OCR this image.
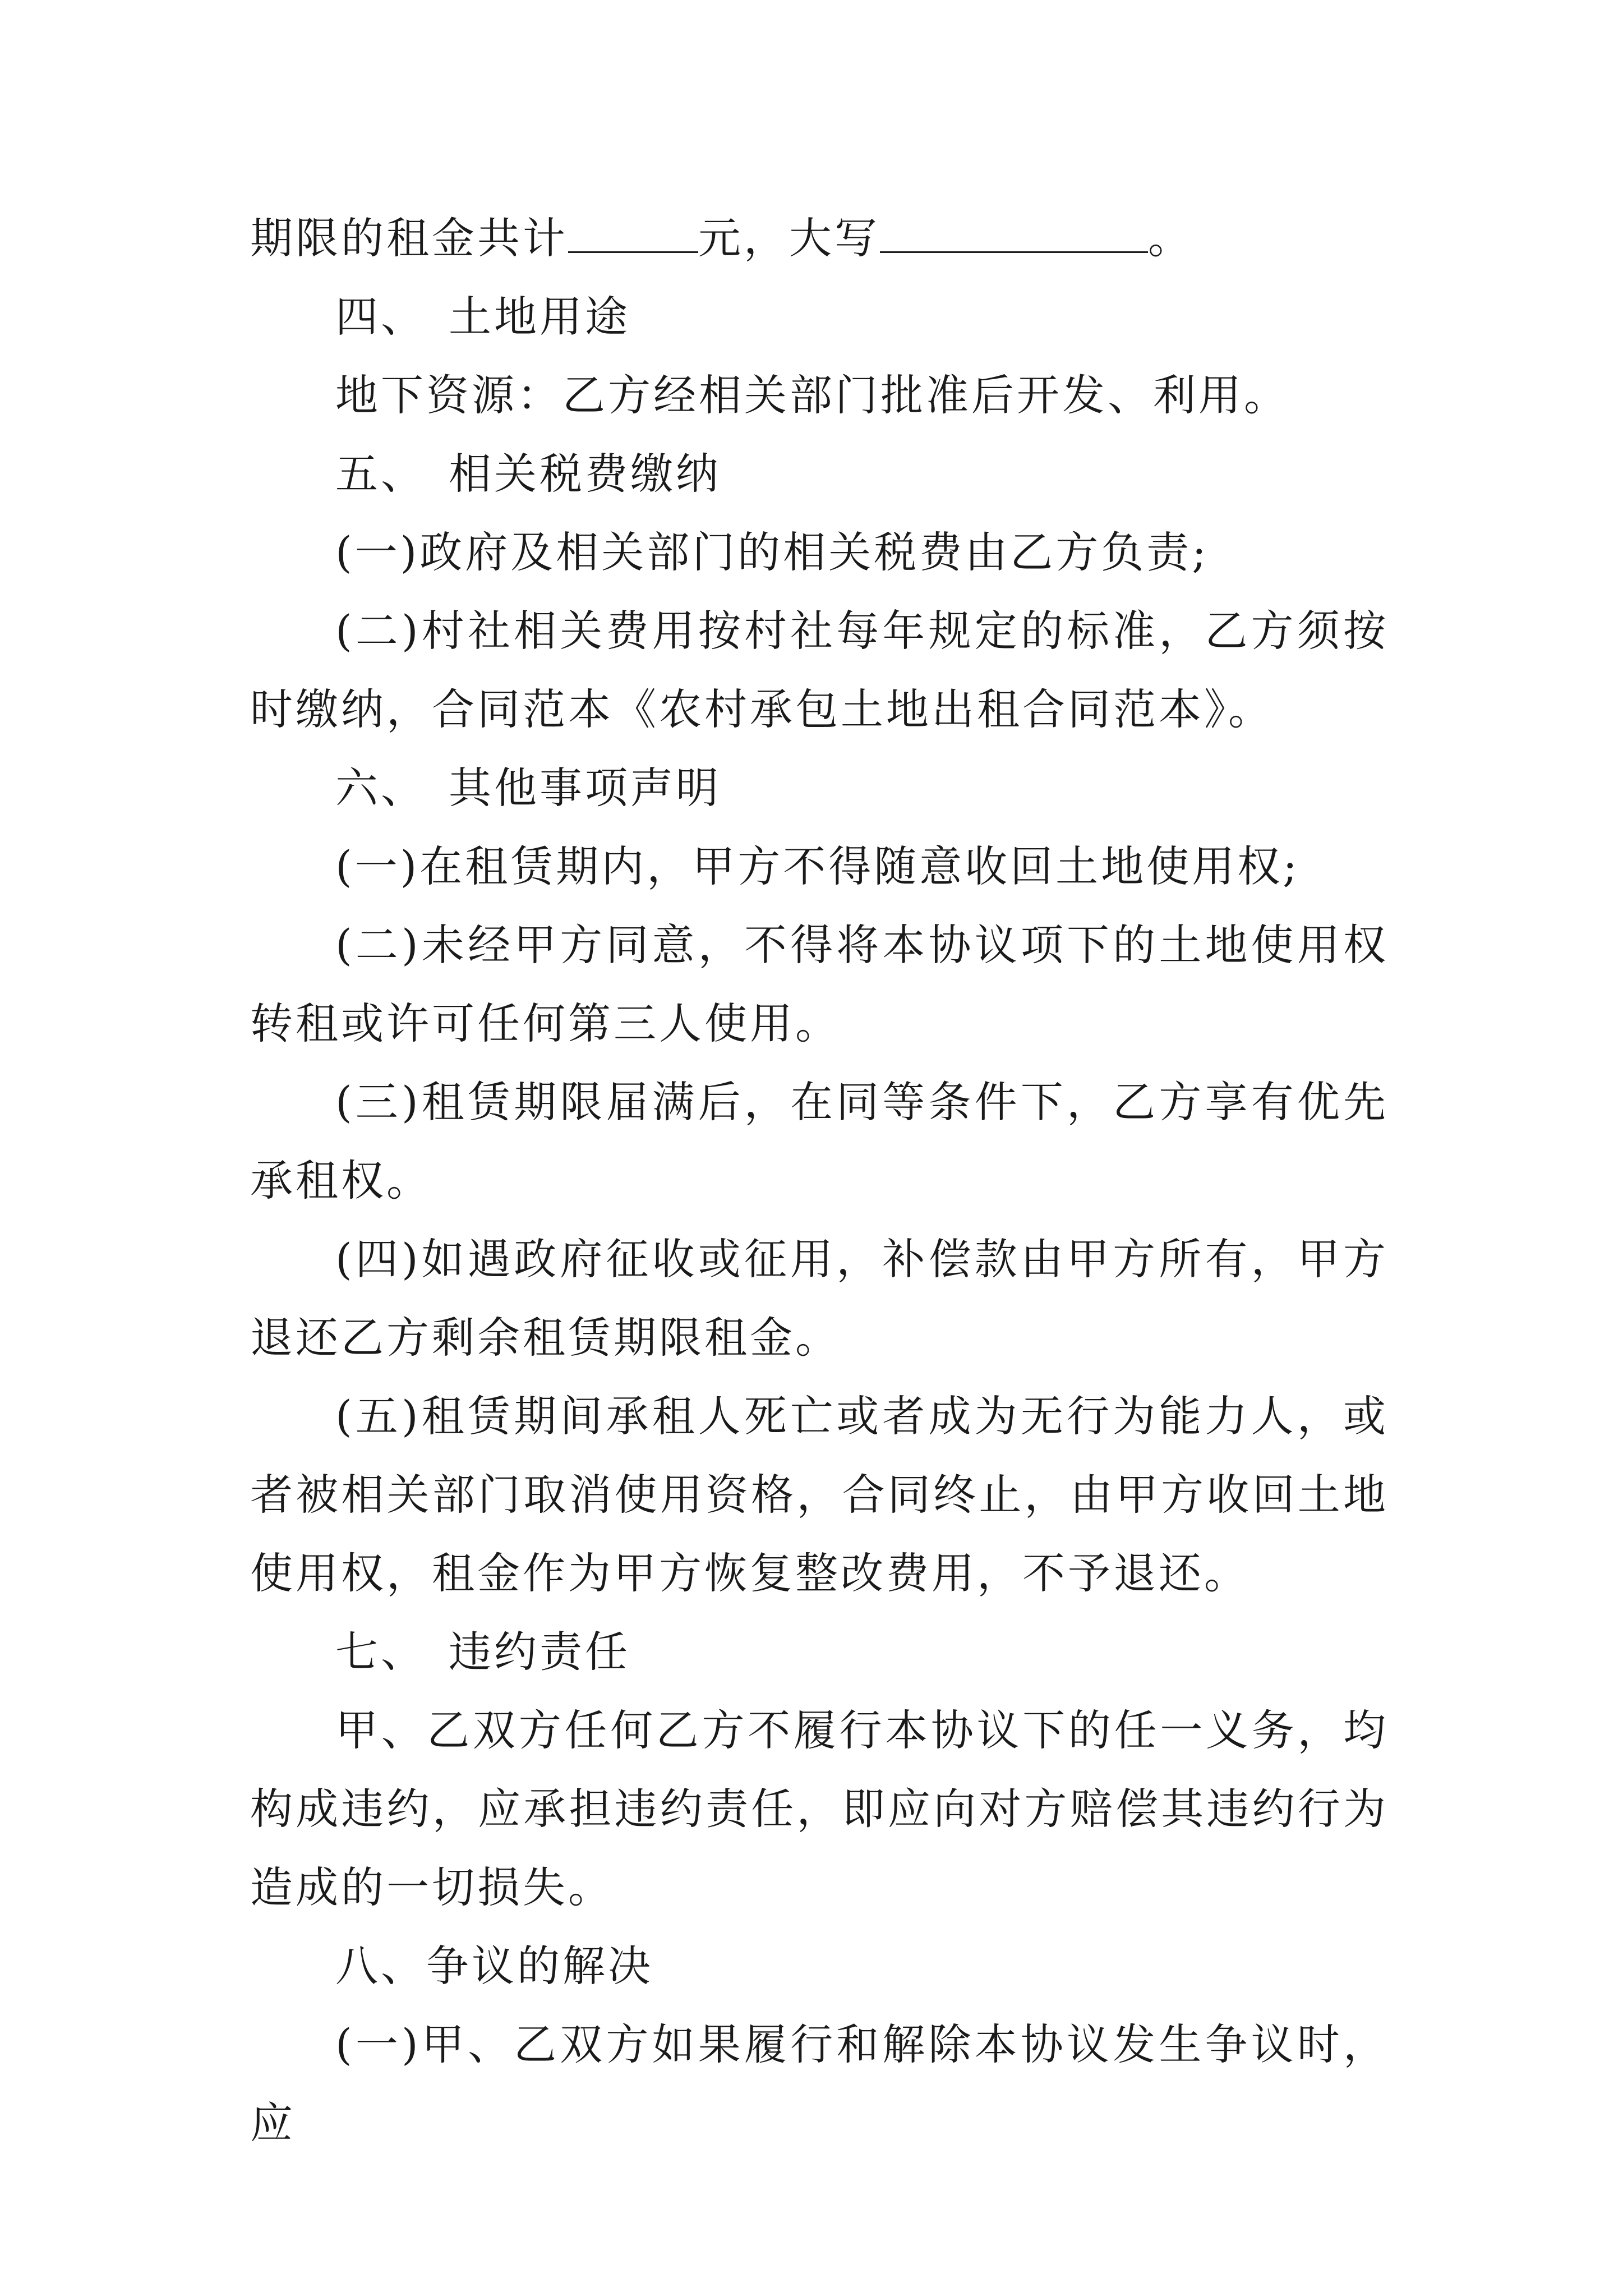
期限的租金共计	元，大写	。

四、 土地用途

地下资源：乙方经相关部门批准后开发、利用。

五、 相关税费缴纳

(一)政府及相关部门的相关税费由乙方负责;

(二)村社相关费用按村社每年规定的标准，乙方须按时缴纳，合同范本《农村承包土地出租合同范本》。

六、 其他事项声明

(一)在租赁期内，甲方不得随意收回土地使用权;

(二)未经甲方同意，不得将本协议项下的土地使用权转租或许可任何第三人使用。

(三)租赁期限届满后，在同等条件下，乙方享有优先承租权。

(四)如遇政府征收或征用，补偿款由甲方所有，甲方退还乙方剩余租赁期限租金。

(五)租赁期间承租人死亡或者成为无行为能力人，或者被相关部门取消使用资格，合同终止，由甲方收回土地使用权，租金作为甲方恢复整改费用，不予退还。

七、 违约责任

甲、乙双方任何乙方不履行本协议下的任一义务，均构成违约，应承担违约责任，即应向对方赔偿其违约行为造成的一切损失。

八、争议的解决

(一)甲、乙双方如果履行和解除本协议发生争议时，应
